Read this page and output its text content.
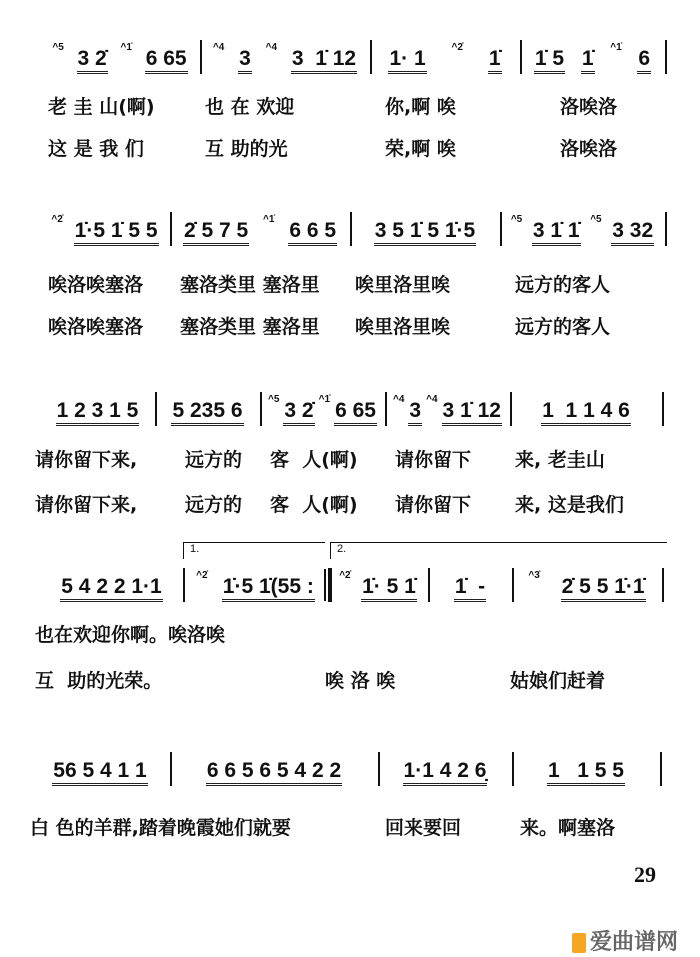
29
爱曲谱网
^5 3 2̇ ^1̇ 6 65	^4 3 ^4 3  1̇ 12 1· 1	^2̇ 1̇ 1̇ 5 1̇ ^1̇ 6
老 圭 山(啊)	也 在 欢迎	你,啊 唉	洛唉洛
这 是 我 们	互 助的光	荣,啊 唉	洛唉洛
^2̇ 1̇·5 1̇ 5 5 2̇ 5 7 5 ^1̇ 6 6 5 3 5 1̇ 5 1̇·5	^5 3 1̇ 1̇ ^5 3 32
唉洛唉塞洛 塞洛类里 塞洛里 唉里洛里唉	远方的客人
唉洛唉塞洛 塞洛类里 塞洛里 唉里洛里唉	远方的客人
1 2 3 1 5 5 235 6	^5 3 2̇ ^1̇ 6 65 ^4 3 ^4 3 1̇ 12 1  1 1 4 6
请你留下来,	远方的 客  人(啊) 请你留下 来, 老圭山
请你留下来,	远方的 客  人(啊) 请你留下 来, 这是我们
1.	2.
5 4 2 2 1·1	^2̇ 1̇·5 1̇(55 :	^2̇ 1̇· 5 1̇ 1̇  -	^3̇ 2̇ 5 5 1̇·1̇
也在欢迎你啊。唉洛唉
互  助的光荣。	唉 洛 唉	姑娘们赶着
56 5 4 1 1	6 6 5 6 5 4 2 2	1·1 4 2 6̣	1   1 5 5
白 色的羊群,踏着晚霞她们就要	回来要回	来。啊塞洛
